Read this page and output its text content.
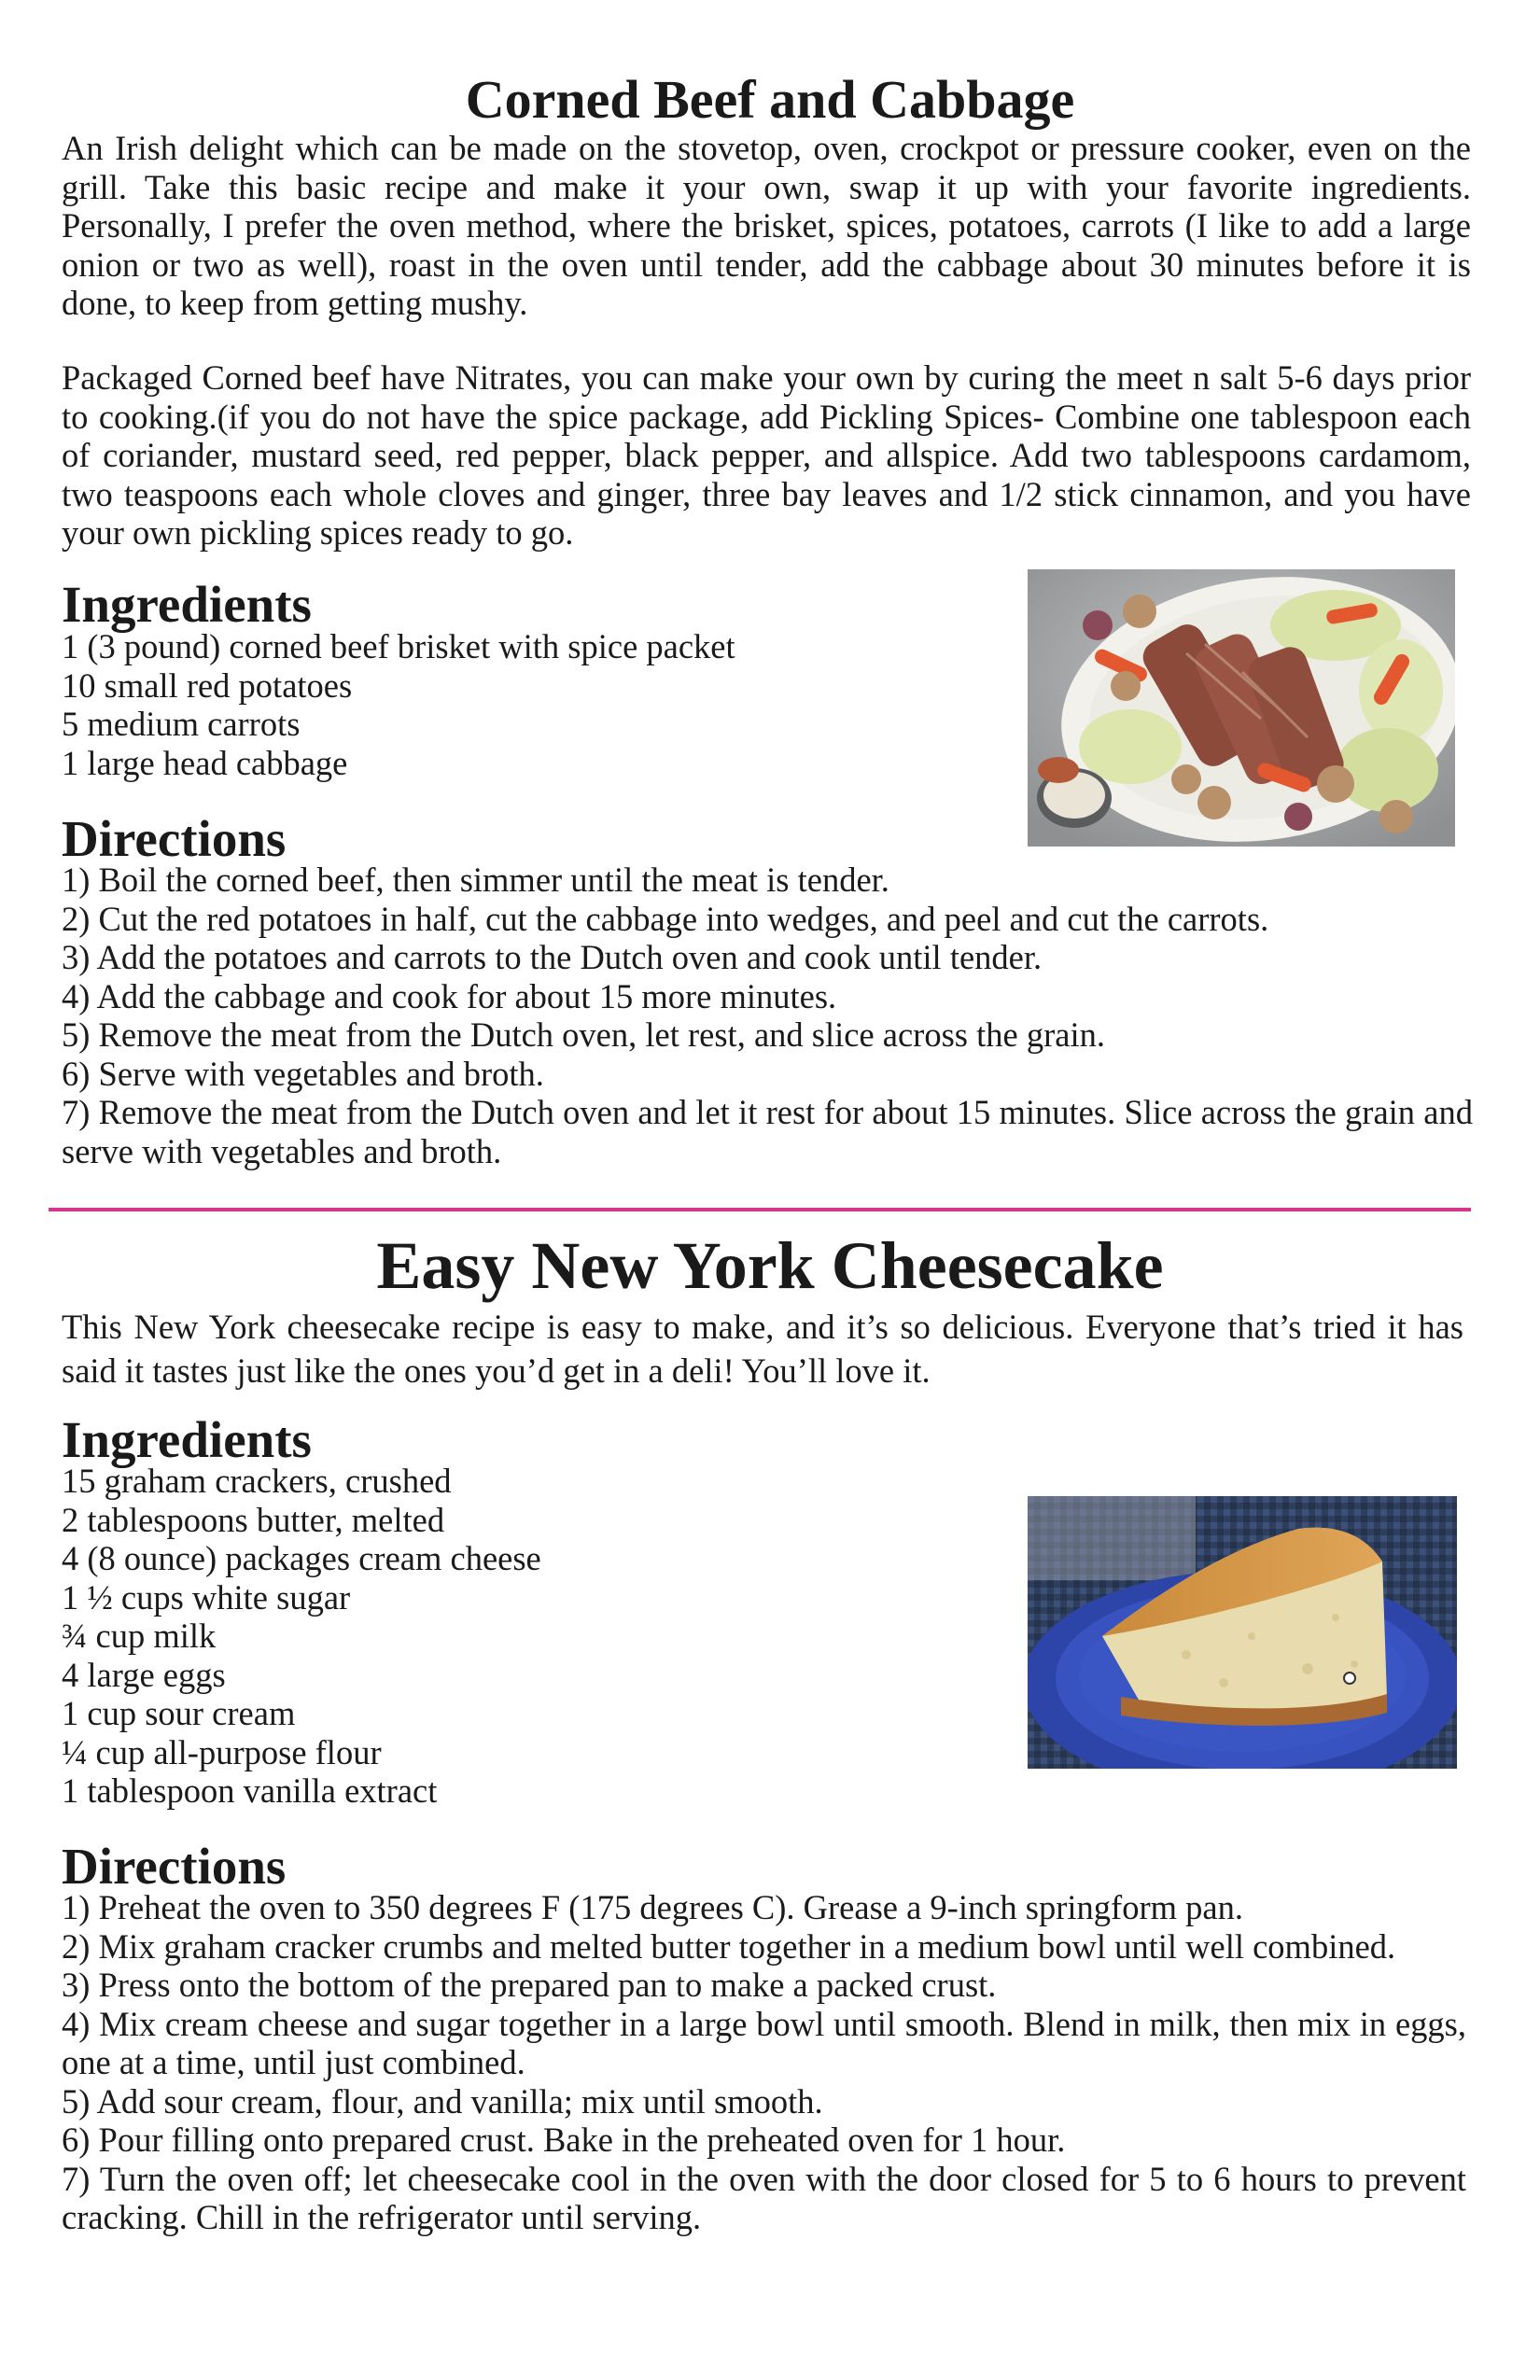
Corned Beef and Cabbage

An Irish delight which can be made on the stovetop, oven, crockpot or pressure cooker, even on the grill. Take this basic recipe and make it your own, swap it up with your favorite ingredients. Personally, I prefer the oven method, where the brisket, spices, potatoes, carrots (I like to add a large onion or two as well), roast in the oven until tender, add the cabbage about 30 minutes before it is done, to keep from getting mushy.

Packaged Corned beef have Nitrates, you can make your own by curing the meet n salt 5-6 days prior to cooking.(if you do not have the spice package, add Pickling Spices- Combine one tablespoon each of coriander, mustard seed, red pepper, black pepper, and allspice. Add two tablespoons cardamom, two teaspoons each whole cloves and ginger, three bay leaves and 1/2 stick cinnamon, and you have your own pickling spices ready to go.

Ingredients
1 (3 pound) corned beef brisket with spice packet
10 small red potatoes
5 medium carrots
1 large head cabbage
Directions
1) Boil the corned beef, then simmer until the meat is tender.
2) Cut the red potatoes in half, cut the cabbage into wedges, and peel and cut the carrots.
3) Add the potatoes and carrots to the Dutch oven and cook until tender.
4) Add the cabbage and cook for about 15 more minutes.
5) Remove the meat from the Dutch oven, let rest, and slice across the grain.
6) Serve with vegetables and broth.
7) Remove the meat from the Dutch oven and let it rest for about 15 minutes. Slice across the grain and serve with vegetables and broth.
Easy New York Cheesecake

This New York cheesecake recipe is easy to make, and it’s so delicious. Everyone that’s tried it has said it tastes just like the ones you’d get in a deli! You’ll love it.

Ingredients
15 graham crackers, crushed
2 tablespoons butter, melted
4 (8 ounce) packages cream cheese
1 ½ cups white sugar
¾ cup milk
4 large eggs
1 cup sour cream
¼ cup all-purpose flour
1 tablespoon vanilla extract
Directions
1) Preheat the oven to 350 degrees F (175 degrees C). Grease a 9-inch springform pan.
2) Mix graham cracker crumbs and melted butter together in a medium bowl until well combined.
3) Press onto the bottom of the prepared pan to make a packed crust.
4) Mix cream cheese and sugar together in a large bowl until smooth. Blend in milk, then mix in eggs, one at a time, until just combined.
5) Add sour cream, flour, and vanilla; mix until smooth.
6) Pour filling onto prepared crust. Bake in the preheated oven for 1 hour.
7) Turn the oven off; let cheesecake cool in the oven with the door closed for 5 to 6 hours to prevent cracking. Chill in the refrigerator until serving.
